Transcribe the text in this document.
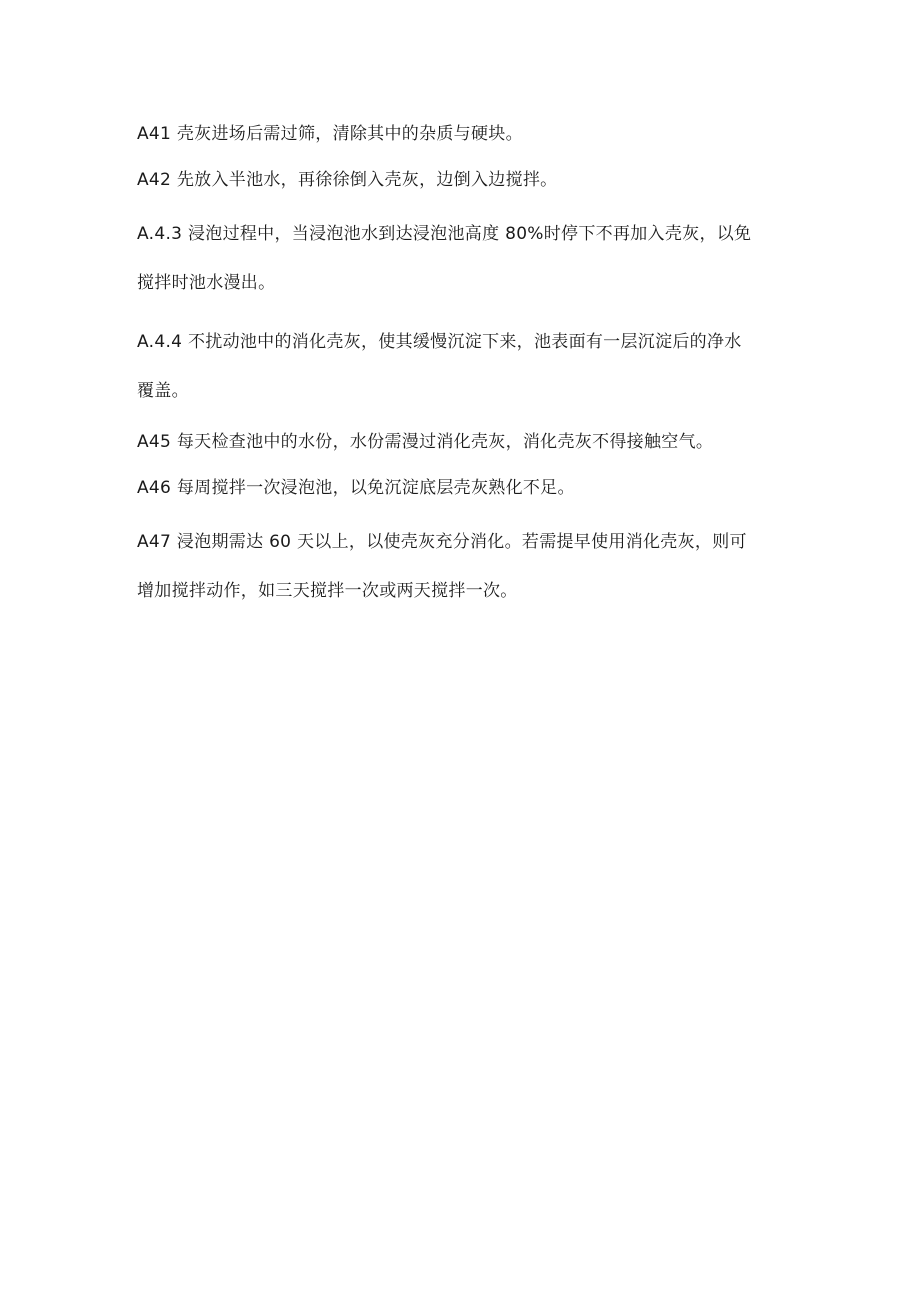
A41 壳灰进场后需过筛，清除其中的杂质与硬块。

A42 先放入半池水，再徐徐倒入壳灰，边倒入边搅拌。

A.4.3 浸泡过程中，当浸泡池水到达浸泡池高度 80%时停下不再加入壳灰，以免
搅拌时池水漫出。

A.4.4 不扰动池中的消化壳灰，使其缓慢沉淀下来，池表面有一层沉淀后的净水
覆盖。

A45 每天检查池中的水份，水份需漫过消化壳灰，消化壳灰不得接触空气。

A46 每周搅拌一次浸泡池，以免沉淀底层壳灰熟化不足。

A47 浸泡期需达 60 天以上，以使壳灰充分消化。若需提早使用消化壳灰，则可
增加搅拌动作，如三天搅拌一次或两天搅拌一次。
